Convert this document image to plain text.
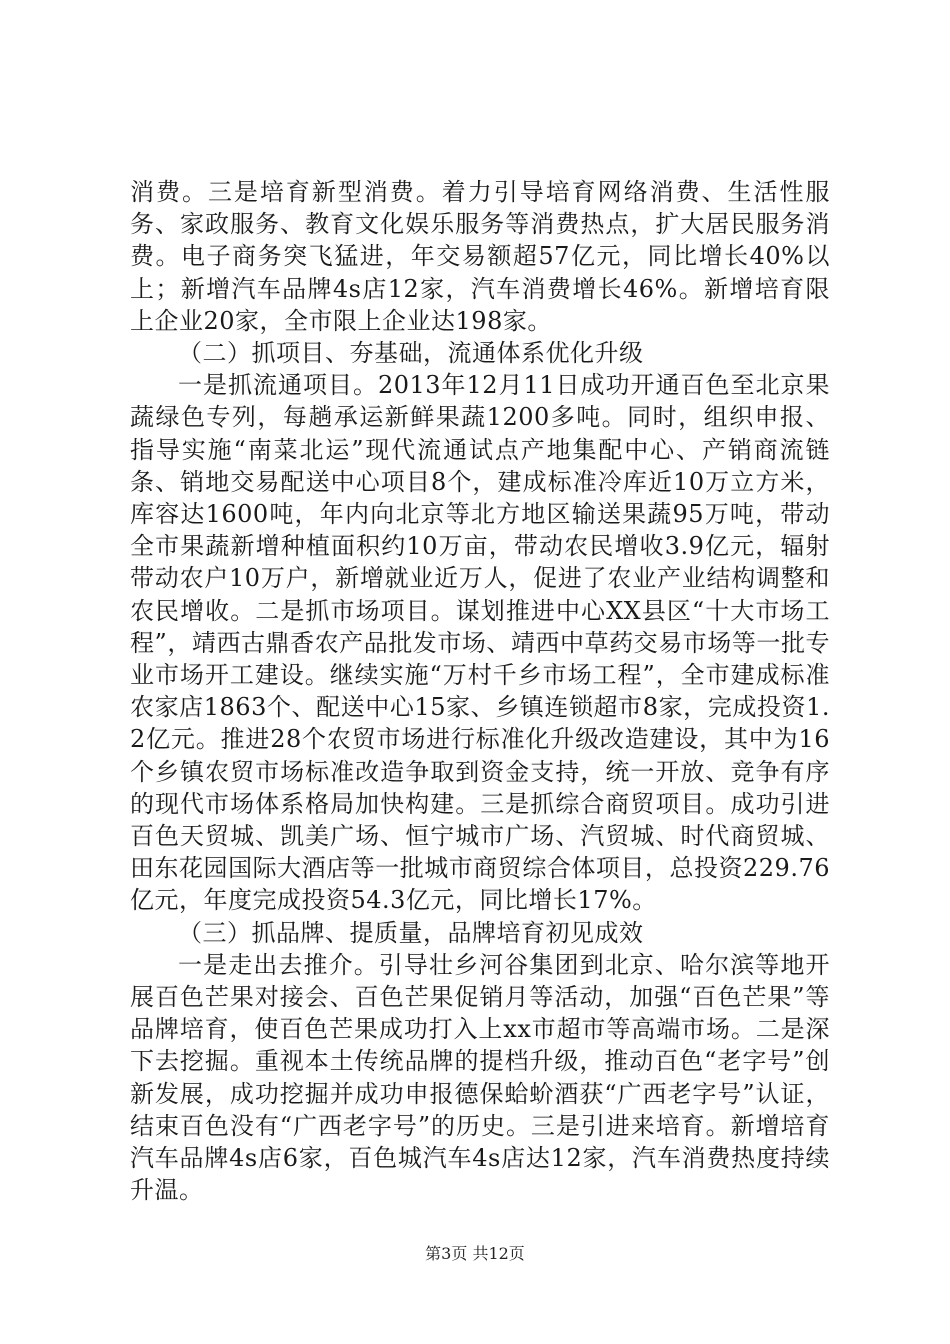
消费。三是培育新型消费。着力引导培育网络消费、生活性服务、家政服务、教育文化娱乐服务等消费热点，扩大居民服务消费。电子商务突飞猛进，年交易额超57亿元，同比增长40%以上；新增汽车品牌4s店12家，汽车消费增长46%。新增培育限上企业20家，全市限上企业达198家。

（二）抓项目、夯基础，流通体系优化升级

一是抓流通项目。2013年12月11日成功开通百色至北京果蔬绿色专列，每趟承运新鲜果蔬1200多吨。同时，组织申报、指导实施“南菜北运”现代流通试点产地集配中心、产销商流链条、销地交易配送中心项目8个，建成标准冷库近10万立方米，库容达1600吨，年内向北京等北方地区输送果蔬95万吨，带动全市果蔬新增种植面积约10万亩，带动农民增收3.9亿元，辐射带动农户10万户，新增就业近万人，促进了农业产业结构调整和农民增收。二是抓市场项目。谋划推进中心XX县区“十大市场工程”，靖西古鼎香农产品批发市场、靖西中草药交易市场等一批专业市场开工建设。继续实施“万村千乡市场工程”，全市建成标准农家店1863个、配送中心15家、乡镇连锁超市8家，完成投资1.2亿元。推进28个农贸市场进行标准化升级改造建设，其中为16个乡镇农贸市场标准改造争取到资金支持，统一开放、竞争有序的现代市场体系格局加快构建。三是抓综合商贸项目。成功引进百色天贸城、凯美广场、恒宁城市广场、汽贸城、时代商贸城、田东花园国际大酒店等一批城市商贸综合体项目，总投资229.76亿元，年度完成投资54.3亿元，同比增长17%。

（三）抓品牌、提质量，品牌培育初见成效

一是走出去推介。引导壮乡河谷集团到北京、哈尔滨等地开展百色芒果对接会、百色芒果促销月等活动，加强“百色芒果”等品牌培育，使百色芒果成功打入上xx市超市等高端市场。二是深下去挖掘。重视本土传统品牌的提档升级，推动百色“老字号”创新发展，成功挖掘并成功申报德保蛤蚧酒获“广西老字号”认证，结束百色没有“广西老字号”的历史。三是引进来培育。新增培育汽车品牌4s店6家，百色城汽车4s店达12家，汽车消费热度持续升温。

第3页 共12页
